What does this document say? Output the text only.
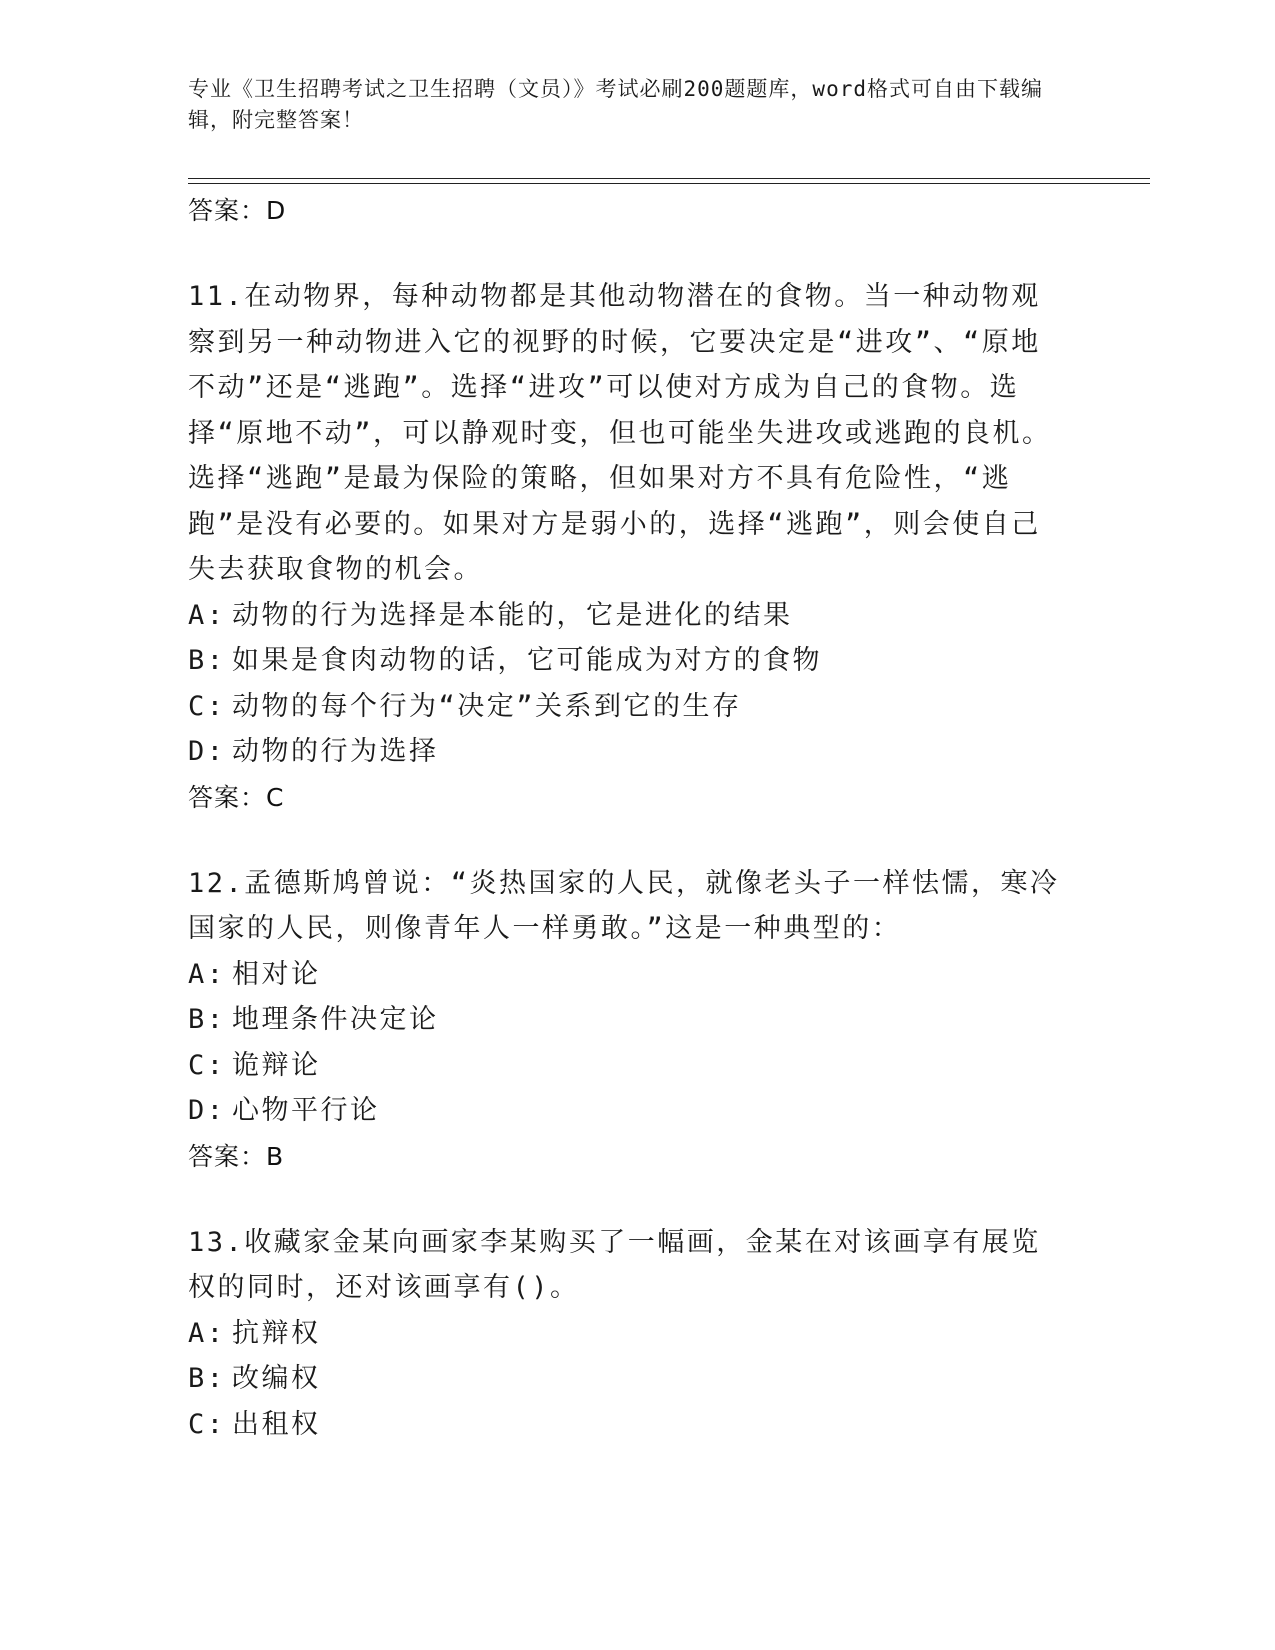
专业《卫生招聘考试之卫生招聘（文员）》考试必刷200题题库，word格式可自由下载编辑，附完整答案！
答案：D

11.在动物界，每种动物都是其他动物潜在的食物。当一种动物观察到另一种动物进入它的视野的时候，它要决定是“进攻”、“原地不动”还是“逃跑”。选择“进攻”可以使对方成为自己的食物。选择“原地不动”，可以静观时变，但也可能坐失进攻或逃跑的良机。选择“逃跑”是最为保险的策略，但如果对方不具有危险性，“逃跑”是没有必要的。如果对方是弱小的，选择“逃跑”，则会使自己失去获取食物的机会。

A: 动物的行为选择是本能的，它是进化的结果
B: 如果是食肉动物的话，它可能成为对方的食物
C: 动物的每个行为“决定”关系到它的生存
D: 动物的行为选择
答案：C

12.孟德斯鸠曾说：“炎热国家的人民，就像老头子一样怯懦，寒冷国家的人民，则像青年人一样勇敢。”这是一种典型的：

A: 相对论
B: 地理条件决定论
C: 诡辩论
D: 心物平行论
答案：B

13.收藏家金某向画家李某购买了一幅画，金某在对该画享有展览权的同时，还对该画享有()。

A: 抗辩权
B: 改编权
C: 出租权
